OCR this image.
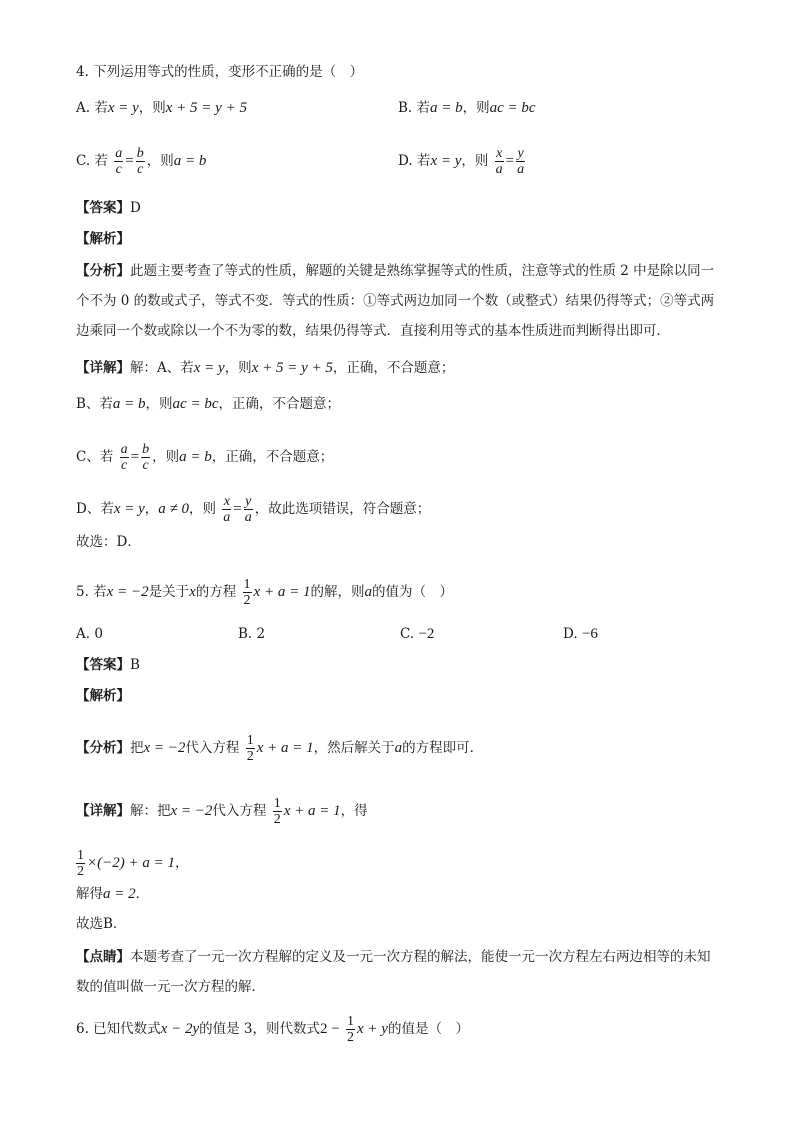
4. 下列运用等式的性质，变形不正确的是（　）
A. 若x = y，则x + 5 = y + 5	B. 若a = b，则ac = bc
C. 若 $\frac{a}{c} = \frac{b}{c}$ ，则a = b	D. 若x = y，则 $\frac{x}{a} = \frac{y}{a}$
【答案】D
【解析】
【分析】此题主要考查了等式的性质，解题的关键是熟练掌握等式的性质，注意等式的性质 2 中是除以同一个不为 0 的数或式子，等式不变．等式的性质：①等式两边加同一个数（或整式）结果仍得等式；②等式两边乘同一个数或除以一个不为零的数，结果仍得等式．直接利用等式的基本性质进而判断得出即可．
【详解】解：A、若x = y，则x + 5 = y + 5，正确，不合题意；
B、若a = b，则ac = bc，正确，不合题意；
C、若 $\frac{a}{c} = \frac{b}{c}$ ，则a = b，正确，不合题意；
D、若x = y，a ≠ 0，则 $\frac{x}{a} = \frac{y}{a}$ ，故此选项错误，符合题意；
故选：D．
5. 若x = −2是关于x的方程 $\frac{1}{2}$ x + a = 1的解，则a的值为（　）
A. 0	B. 2	C. −2	D. −6
【答案】B
【解析】
【分析】把x = −2代入方程 $\frac{1}{2}$ x + a = 1，然后解关于a的方程即可．
【详解】解：把x = −2代入方程 $\frac{1}{2}$ x + a = 1，得
$\frac{1}{2} \times(-2) + a = 1$，
解得a = 2．
故选B．
【点睛】本题考查了一元一次方程解的定义及一元一次方程的解法，能使一元一次方程左右两边相等的未知数的值叫做一元一次方程的解．
6. 已知代数式x − 2y的值是 3，则代数式$2 - \frac{1}{2}$ x + y的值是（　）
